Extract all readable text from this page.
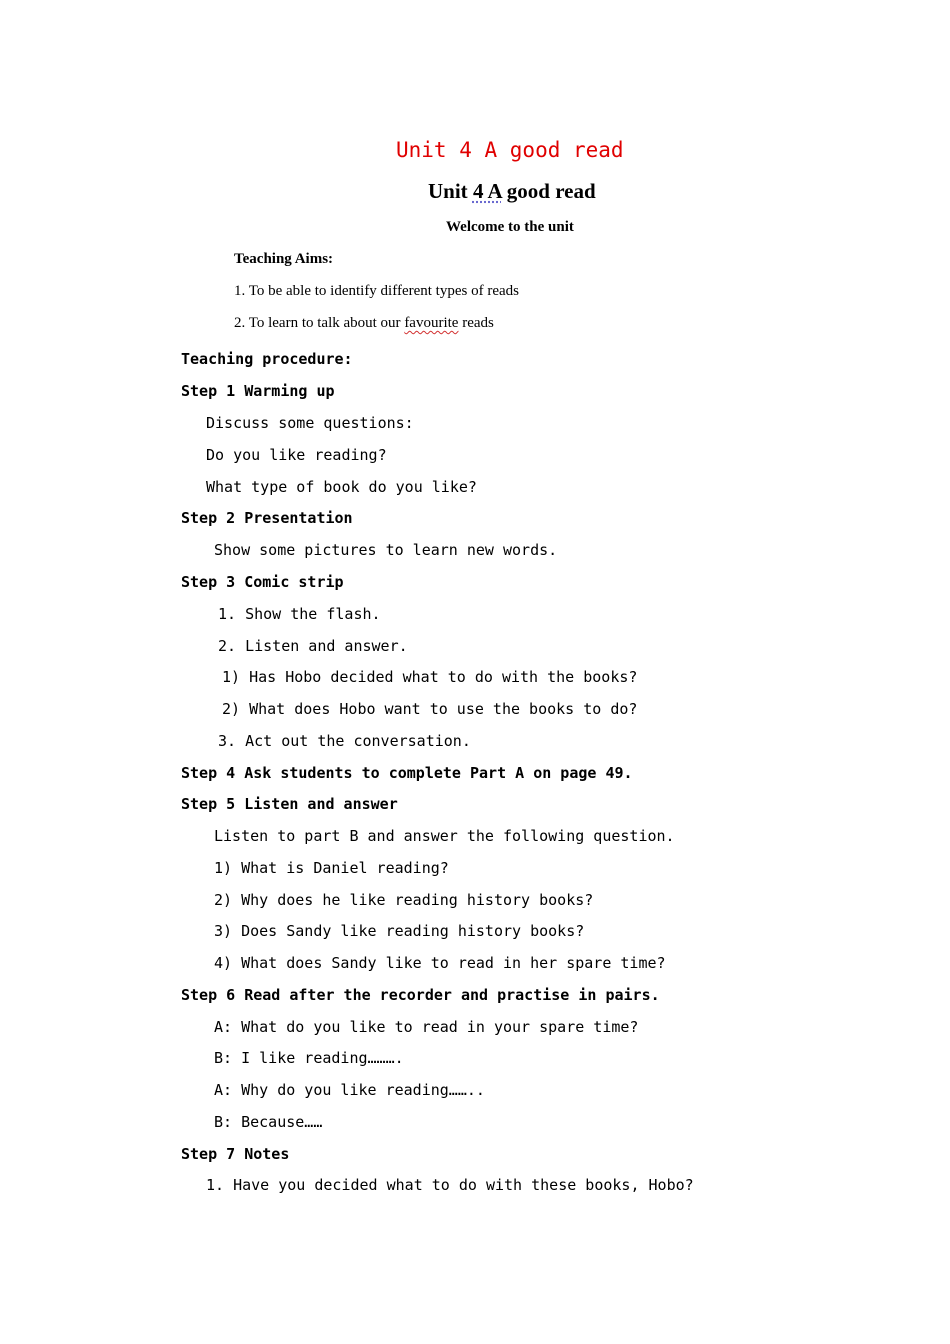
Unit 4 A good read
Unit 4 A good read
Welcome to the unit
Teaching Aims:
1. To be able to identify different types of reads
2. To learn to talk about our favourite reads
Teaching procedure:
Step 1 Warming up
Discuss some questions:
Do you like reading?
What type of book do you like?
Step 2 Presentation
Show some pictures to learn new words.
Step 3 Comic strip
1. Show the flash.
2. Listen and answer.
1) Has Hobo decided what to do with the books?
2) What does Hobo want to use the books to do?
3. Act out the conversation.
Step 4 Ask students to complete Part A on page 49.
Step 5 Listen and answer
Listen to part B and answer the following question.
1) What is Daniel reading?
2) Why does he like reading history books?
3) Does Sandy like reading history books?
4) What does Sandy like to read in her spare time?
Step 6 Read after the recorder and practise in pairs.
A: What do you like to read in your spare time?
B: I like reading……….
A: Why do you like reading……..
B: Because……
Step 7 Notes
1. Have you decided what to do with these books, Hobo?
